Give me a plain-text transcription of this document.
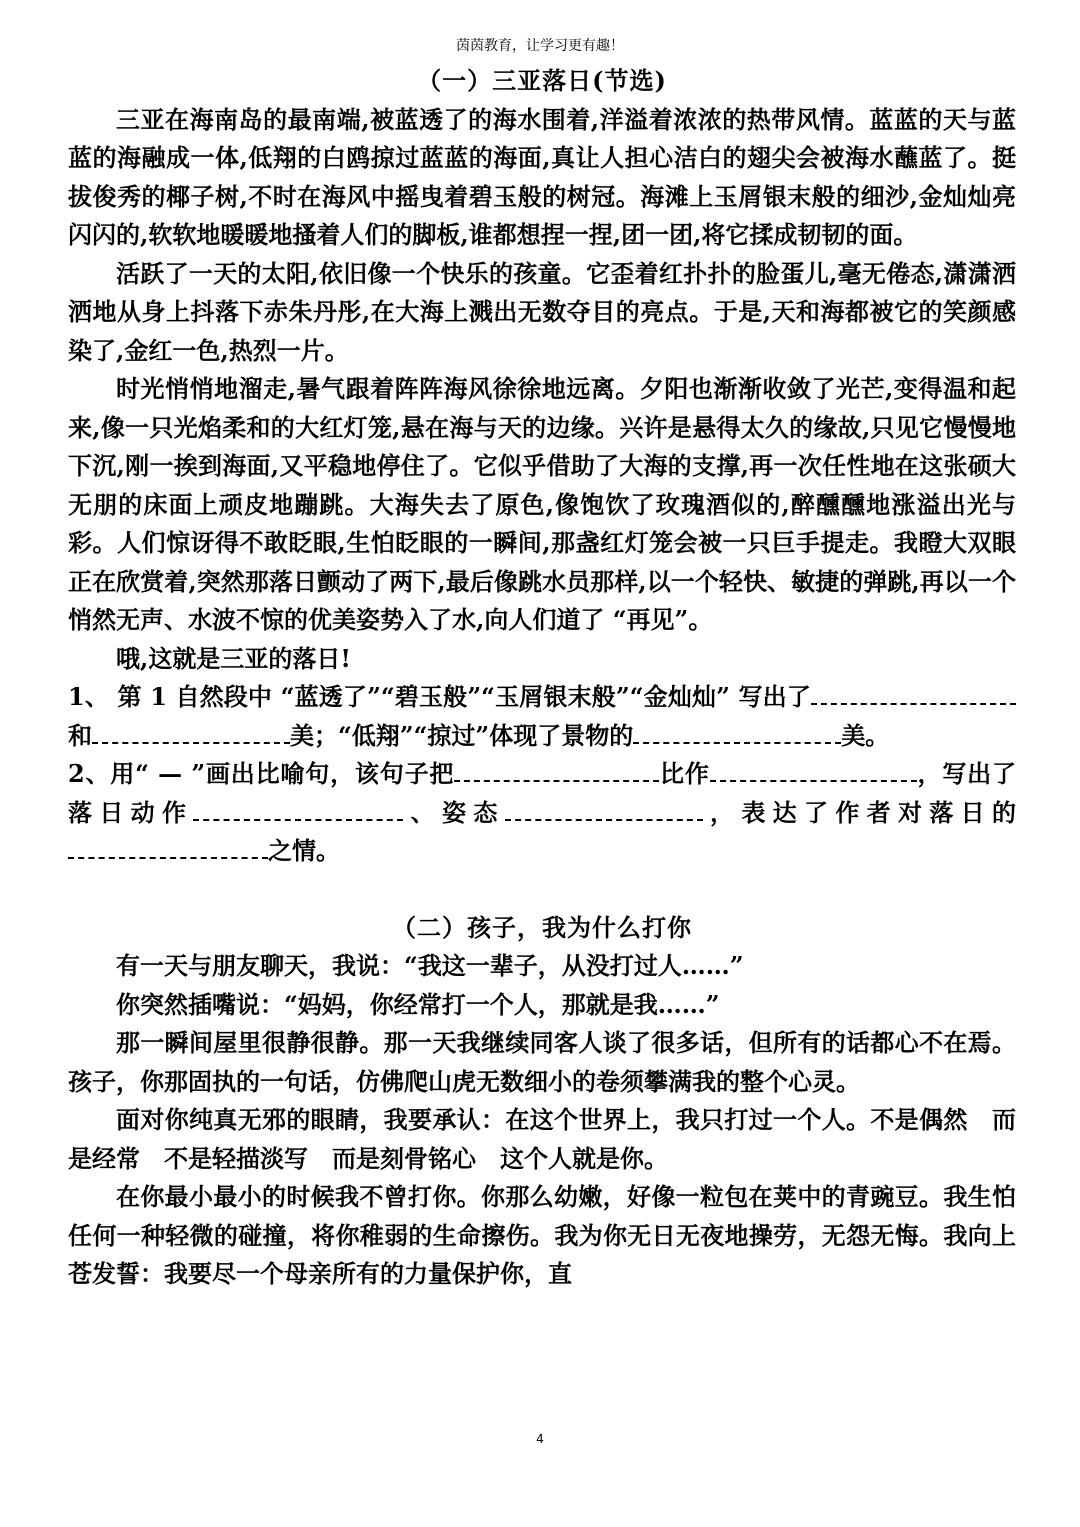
茵茵教育，让学习更有趣！

（一）三亚落日(节选)

三亚在海南岛的最南端,被蓝透了的海水围着,洋溢着浓浓的热带风情。蓝蓝的天与蓝蓝的海融成一体,低翔的白鸥掠过蓝蓝的海面,真让人担心洁白的翅尖会被海水蘸蓝了。挺拔俊秀的椰子树,不时在海风中摇曳着碧玉般的树冠。海滩上玉屑银末般的细沙,金灿灿亮闪闪的,软软地暖暖地搔着人们的脚板,谁都想捏一捏,团一团,将它揉成韧韧的面。

活跃了一天的太阳,依旧像一个快乐的孩童。它歪着红扑扑的脸蛋儿,毫无倦态,潇潇洒洒地从身上抖落下赤朱丹彤,在大海上溅出无数夺目的亮点。于是,天和海都被它的笑颜感染了,金红一色,热烈一片。

时光悄悄地溜走,暑气跟着阵阵海风徐徐地远离。夕阳也渐渐收敛了光芒,变得温和起来,像一只光焰柔和的大红灯笼,悬在海与天的边缘。兴许是悬得太久的缘故,只见它慢慢地下沉,刚一挨到海面,又平稳地停住了。它似乎借助了大海的支撑,再一次任性地在这张硕大无朋的床面上顽皮地蹦跳。大海失去了原色,像饱饮了玫瑰酒似的,醉醺醺地涨溢出光与彩。人们惊讶得不敢眨眼,生怕眨眼的一瞬间,那盏红灯笼会被一只巨手提走。我瞪大双眼正在欣赏着,突然那落日颤动了两下,最后像跳水员那样,以一个轻快、敏捷的弹跳,再以一个悄然无声、水波不惊的优美姿势入了水,向人们道了 “再见”。

哦,这就是三亚的落日!

1、 第 1 自然段中 “蓝透了”“碧玉般”“玉屑银末般”“金灿灿” 写出了和	美；“低翔”“掠过”体现了景物的	美。

2、用“ — ”画出比喻句，该句子把	比作	，写出了落日动作	、姿态	，表达了作者对落日的之情。

（二）孩子，我为什么打你

有一天与朋友聊天，我说：“我这一辈子，从没打过人……”

你突然插嘴说：“妈妈，你经常打一个人，那就是我……”

那一瞬间屋里很静很静。那一天我继续同客人谈了很多话，但所有的话都心不在焉。孩子，你那固执的一句话，仿佛爬山虎无数细小的卷须攀满我的整个心灵。

面对你纯真无邪的眼睛，我要承认：在这个世界上，我只打过一个人。不是偶然　而是经常　不是轻描淡写　而是刻骨铭心　这个人就是你。

在你最小最小的时候我不曾打你。你那么幼嫩，好像一粒包在荚中的青豌豆。我生怕任何一种轻微的碰撞，将你稚弱的生命擦伤。我为你无日无夜地操劳，无怨无悔。我向上苍发誓：我要尽一个母亲所有的力量保护你，直

4
